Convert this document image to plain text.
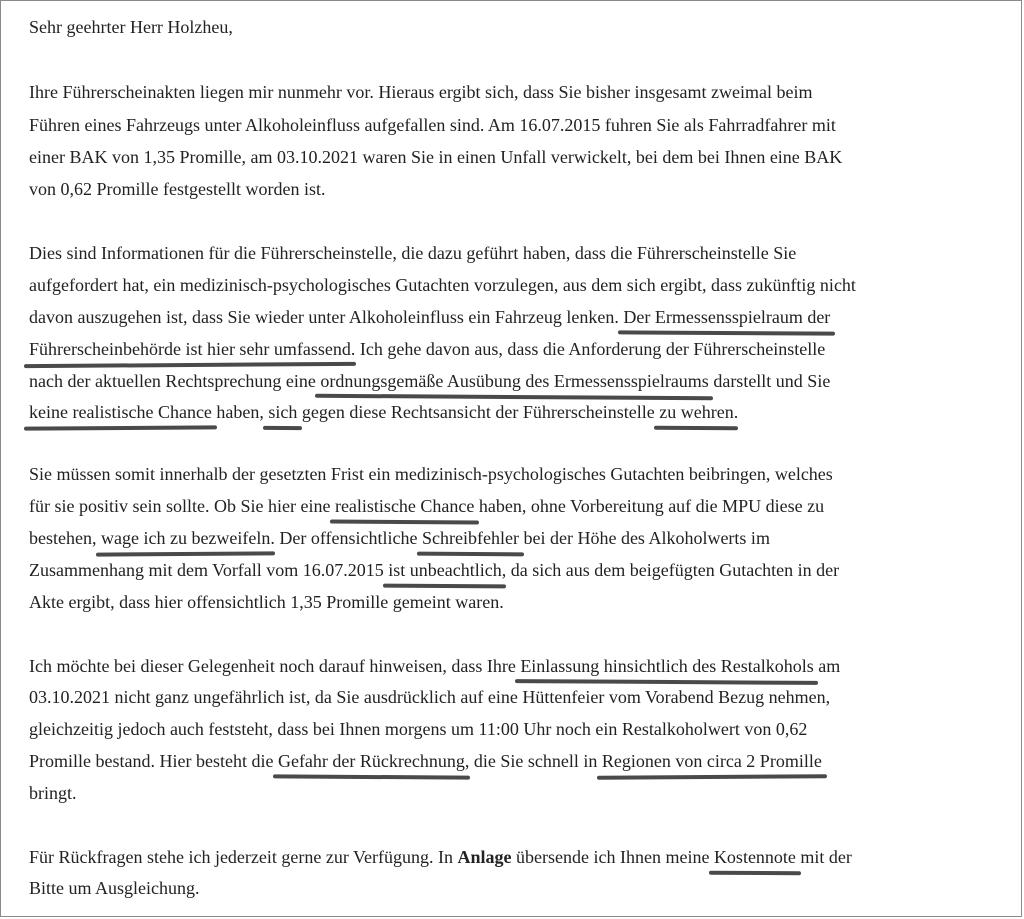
Sehr geehrter Herr Holzheu,
Ihre Führerscheinakten liegen mir nunmehr vor. Hieraus ergibt sich, dass Sie bisher insgesamt zweimal beim
Führen eines Fahrzeugs unter Alkoholeinfluss aufgefallen sind. Am 16.07.2015 fuhren Sie als Fahrradfahrer mit
einer BAK von 1,35 Promille, am 03.10.2021 waren Sie in einen Unfall verwickelt, bei dem bei Ihnen eine BAK
von 0,62 Promille festgestellt worden ist.
Dies sind Informationen für die Führerscheinstelle, die dazu geführt haben, dass die Führerscheinstelle Sie
aufgefordert hat, ein medizinisch-psychologisches Gutachten vorzulegen, aus dem sich ergibt, dass zukünftig nicht
davon auszugehen ist, dass Sie wieder unter Alkoholeinfluss ein Fahrzeug lenken. Der Ermessensspielraum der
Führerscheinbehörde ist hier sehr umfassend. Ich gehe davon aus, dass die Anforderung der Führerscheinstelle
nach der aktuellen Rechtsprechung eine ordnungsgemäße Ausübung des Ermessensspielraums darstellt und Sie
keine realistische Chance haben, sich gegen diese Rechtsansicht der Führerscheinstelle zu wehren.
Sie müssen somit innerhalb der gesetzten Frist ein medizinisch-psychologisches Gutachten beibringen, welches
für sie positiv sein sollte. Ob Sie hier eine realistische Chance haben, ohne Vorbereitung auf die MPU diese zu
bestehen, wage ich zu bezweifeln. Der offensichtliche Schreibfehler bei der Höhe des Alkoholwerts im
Zusammenhang mit dem Vorfall vom 16.07.2015 ist unbeachtlich, da sich aus dem beigefügten Gutachten in der
Akte ergibt, dass hier offensichtlich 1,35 Promille gemeint waren.
Ich möchte bei dieser Gelegenheit noch darauf hinweisen, dass Ihre Einlassung hinsichtlich des Restalkohols am
03.10.2021 nicht ganz ungefährlich ist, da Sie ausdrücklich auf eine Hüttenfeier vom Vorabend Bezug nehmen,
gleichzeitig jedoch auch feststeht, dass bei Ihnen morgens um 11:00 Uhr noch ein Restalkoholwert von 0,62
Promille bestand. Hier besteht die Gefahr der Rückrechnung, die Sie schnell in Regionen von circa 2 Promille
bringt.
Für Rückfragen stehe ich jederzeit gerne zur Verfügung. In Anlage übersende ich Ihnen meine Kostennote mit der
Bitte um Ausgleichung.
